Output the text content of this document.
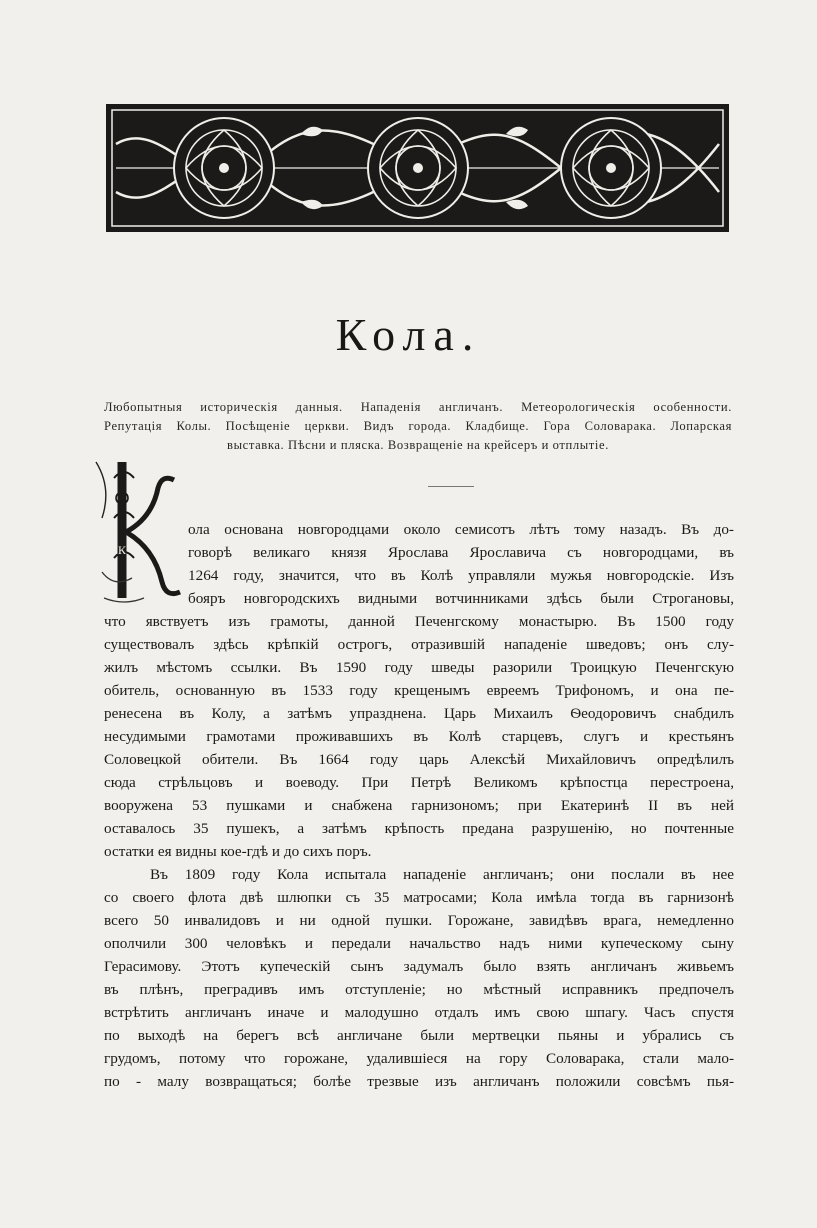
Кола.

Любопытныя историческія данныя. Нападенія англичанъ. Метеорологическія особенности.

Репутація Колы. Посѣщеніе церкви. Видъ города. Кладбище. Гора Соловарака. Лопарская

выставка. Пѣсни и пляска. Возвращеніе на крейсеръ и отплытіе.

К
ола основана новгородцами около семисотъ лѣтъ тому назадъ. Въ до-
говорѣ великаго князя Ярослава Ярославича съ новгородцами, въ
1264 году, значится, что въ Колѣ управляли мужья новгородскіе. Изъ
бояръ новгородскихъ видными вотчинниками здѣсь были Строгановы,
что явствуетъ изъ грамоты, данной Печенгскому монастырю. Въ 1500 году
существовалъ здѣсь крѣпкій острогъ, отразившій нападеніе шведовъ; онъ слу-
жилъ мѣстомъ ссылки. Въ 1590 году шведы разорили Троицкую Печенгскую
обитель, основанную въ 1533 году крещенымъ евреемъ Трифономъ, и она пе-
ренесена въ Колу, а затѣмъ упразднена. Царь Михаилъ Ѳеодоровичъ снабдилъ
несудимыми грамотами проживавшихъ въ Колѣ старцевъ, слугъ и крестьянъ
Соловецкой обители. Въ 1664 году царь Алексѣй Михайловичъ опредѣлилъ
сюда стрѣльцовъ и воеводу. При Петрѣ Великомъ крѣпостца перестроена,
вооружена 53 пушками и снабжена гарнизономъ; при Екатеринѣ II въ ней
оставалось 35 пушекъ, а затѣмъ крѣпость предана разрушенію, но почтенные
остатки ея видны кое-гдѣ и до сихъ поръ.
Въ 1809 году Кола испытала нападеніе англичанъ; они послали въ нее
со своего флота двѣ шлюпки съ 35 матросами; Кола имѣла тогда въ гарнизонѣ
всего 50 инвалидовъ и ни одной пушки. Горожане, завидѣвъ врага, немедленно
ополчили 300 человѣкъ и передали начальство надъ ними купеческому сыну
Герасимову. Этотъ купеческій сынъ задумалъ было взять англичанъ живьемъ
въ плѣнъ, преградивъ имъ отступленіе; но мѣстный исправникъ предпочелъ
встрѣтить англичанъ иначе и малодушно отдалъ имъ свою шпагу. Часъ спустя
по выходѣ на берегъ всѣ англичане были мертвецки пьяны и убрались съ
грудомъ, потому что горожане, удалившіеся на гору Соловарака, стали мало-
по - малу возвращаться; болѣе трезвые изъ англичанъ положили совсѣмъ пья-
